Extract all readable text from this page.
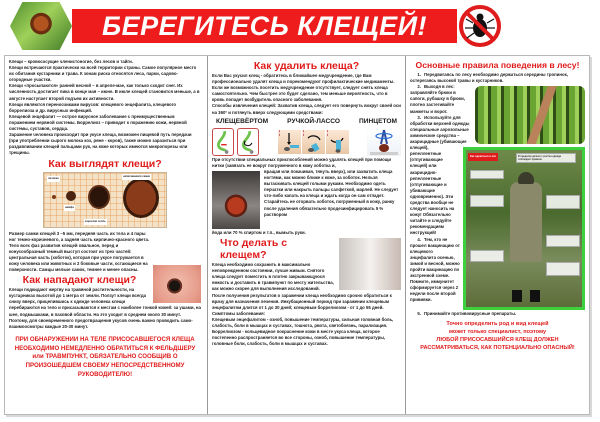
БЕРЕГИТЕСЬ КЛЕЩЕЙ!

Клещи – кровососущие членистоногие, без лесов и тайги.

Клещи встречаются практически на всей территории страны. Самое популярное место их обитания кустарники и трава. К зонам риска относятся леса, парки, садово-огородные участки.

Клещи «просыпаются» ранней весной – в апреле-мае, как только сходит снег. Их численность достигает пика в конце мая – июне. В июле клещей становится меньше, а в августе наступает второй подъем их активности.

Клещи являются переносчиками вирусов: клещевого энцефалита, клещевого боррелиоза и др. вирусных инфекций.

Клещевой энцефалит — острое вирусное заболевание с преимущественным поражением нервной системы. Боррелиоз – приводит к поражению кожи, нервной системы, суставов, сердца.

Заражение человека происходит при укусе клеща, возможен пищевой путь передачи (при употреблении сырого молока коз, реже - коров), также можно заразиться при раздавливании клещей пальцами рук, на коже которых имеются микропорезы или трещины.

Как выглядят клещи?
личинка
нимфа
взрослая особь
напитавшаяся самка

Размер самки клещей 3 –5 мм, передняя часть их тела и 4 пары ног темно-коричневого, а задняя часть кирпично-красного цвета. Тело всех фаз развития клещей овальное, перед и конусообразный темный выступ состоит из трех частей: центральная часть (хоботок), которая при укусе погружается в кожу человека или животных и 2 боковые части, остающиеся на поверхности. Самцы мельче самок, темнее и менее опасны.

Как нападают клещи?

Клещи подкидают жертву на травяной растительности, на кустарниках высотой до 1 метра от земли. Ползут клещи всегда снизу вверх, прицепившись к одежде человека клещи перебираются на тело и присасываются к местам с наиболее тонкой кожей: за ушами, на шее, подмышками, в паховой области. На это уходит в среднем около 30 минут. Поэтому, для своевременного предотвращения укусов очень важно проводить само- взаимоосмотры каждые 20-30 минут.

ПРИ ОБНАРУЖЕНИИ НА ТЕЛЕ ПРИСОСАВШЕГОСЯ КЛЕЩА НЕОБХОДИМО НЕМЕДЛЕННО ОБРАТИТЬСЯ К ФЕЛЬДШЕРУ или ТРАВМПУНКТ, ОБЯЗАТЕЛЬНО СООБЩИВ О ПРОИЗОШЕДШЕМ СВОЕМУ НЕПОСРЕДСТВЕННОМУ РУКОВОДИТЕЛЮ!
Как удалить клеща?

Если Вас укусил клещ - обратитесь в ближайшее медучреждение, где Вам профессионально удалят клеща и порекомендуют профилактические медикаменты. Если же возможность посетить медучреждение отсутствует, следует снять клеща самостоятельно. Чем быстрее это будет сделано, тем меньше вероятность, что в кровь попадет возбудитель опасного заболевания.

Способы извлечения клещей: Захватив клеща, следует его повернуть вокруг своей оси на 360° и потянуть вверх следующими средствами:

КЛЕЩЕВЁРТОМ	РУЧКОЙ-ЛАССО	ПИНЦЕТОМ
1	2	3

При отсутствии специальных приспособлений можно удалять клещей при помощи нитки (завязать ее вокруг погруженного в кожу хоботка и,

вращая или покачивая, тянуть вверх), или захватить клеща ногтями, как можно ближе к коже, за хоботок. Нельзя вытаскивать клещей голыми руками. Необходимо одеть перчатки или накрыть пальцы салфеткой, марлей. Не следует что-либо капать на клеща и ждать когда он сам отпадет. Старайтесь не оторвать хоботок, погруженный в кожу, ранку после удаления обязательно продезинфицировать 5 % раствором

йода или 70 % спиртом и т.п., вымыть руки.

Что делать с клещем?

Клеща необходимо сохранить в максимально неповрежденном состоянии, лучше живым. Снятого клеща следует поместить в плотно закрывающуюся емкость и доставить в травмпункт по месту жительства, как можно скорее для выполнения исследований.

После получения результатов о заражении клеща необходимо срочно обратиться к врачу для назначения лечения. Инкубационный период при заражении клещевым энцефалитом длится от 1 до 30 дней; клещевым боррелиозом - от 1 до 55 дней.

Симптомы заболевания:

Клещевым энцефалитом - озноб, повышение температуры, сильная головная боль, слабость, боли в мышцах и суставах, тошнота, рвота, светобоязнь, парализация.

Боррелиозом - кольцевидное покраснение кожи в месте укуса клеща, которое постепенно распространяется во все стороны, озноб, повышение температуры, головные боли, слабость, боли в мышцах и суставах.

Основные правила поведения в лесу!

1. Передвигаясь по лесу необходимо держаться середины тропинок, остерегаясь высокой травы и кустарников.

2. Выходя в лес: заправляйте брюки в сапоги, рубашку в брюки, плотно застегивайте манжеты и ворот.

Как одеваться в лес	В пределах дачного участка одежда соблюдает правила

3. Используйте для обработки верхней одежды специальные аэрозольные химические средства – акарицидные (убивающие клещей), репеллентные (отпугивающие клещей) или акарицидно-репеллентные (отпугивающие и убивающие одновременно). Эти средства вообще не следует наносить на кожу! Обязательно читайте и следуйте рекомендациям инструкций!

4. Тем, кто не прошел вакцинацию от клещевого энцефалита осенью, зимой и весной, можно пройти вакцинацию по экстренной схеме. Помните, иммунитет сформируется через 2 недели после второй прививки.

5. Принимайте противовирусные препараты.

Точно определить род и вид клещей
может только специалист, поэтому
ЛЮБОЙ ПРИСОСАВШИЙСЯ КЛЕЩ ДОЛЖЕН
РАССМАТРИВАТЬСЯ, КАК ПОТЕНЦИАЛЬНО ОПАСНЫЙ!
